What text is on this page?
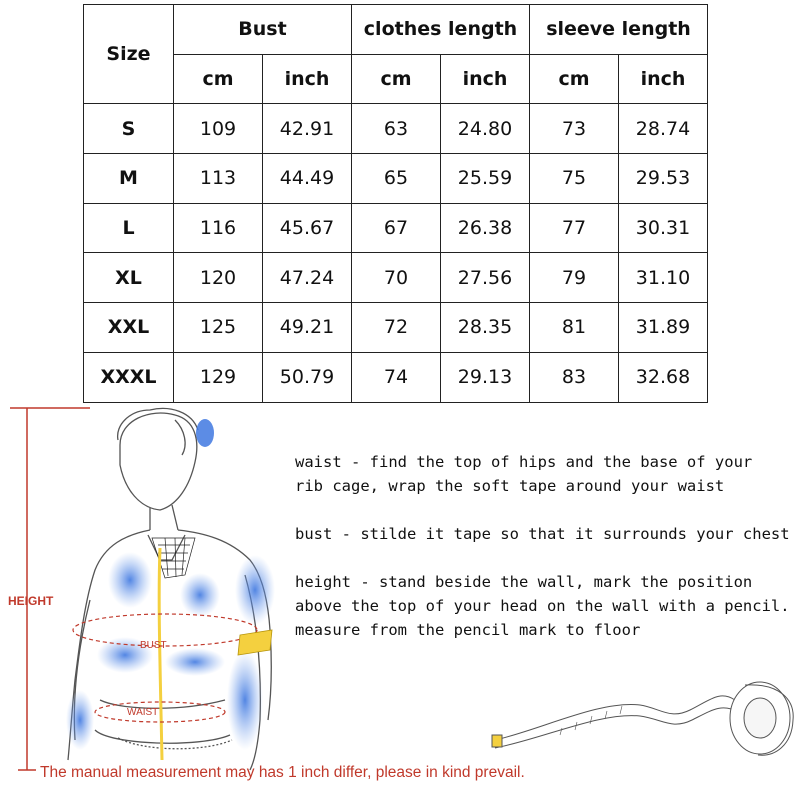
Size	Bust		clothes length		sleeve length	
	cm	inch	cm	inch	cm	inch
S	109	42.91	63	24.80	73	28.74
M	113	44.49	65	25.59	75	29.53
L	116	45.67	67	26.38	77	30.31
XL	120	47.24	70	27.56	79	31.10
XXL	125	49.21	72	28.35	81	31.89
XXXL	129	50.79	74	29.13	83	32.68
HEIGHT
BUST
WAIST

waist - find the top of hips and the base of your
rib cage, wrap the soft tape around your waist

bust - stilde it tape so that it surrounds your chest

height - stand beside the wall, mark the position
above the top of your head on the wall with a pencil.
measure from the pencil mark to floor

The manual measurement may has 1 inch differ, please in kind prevail.
